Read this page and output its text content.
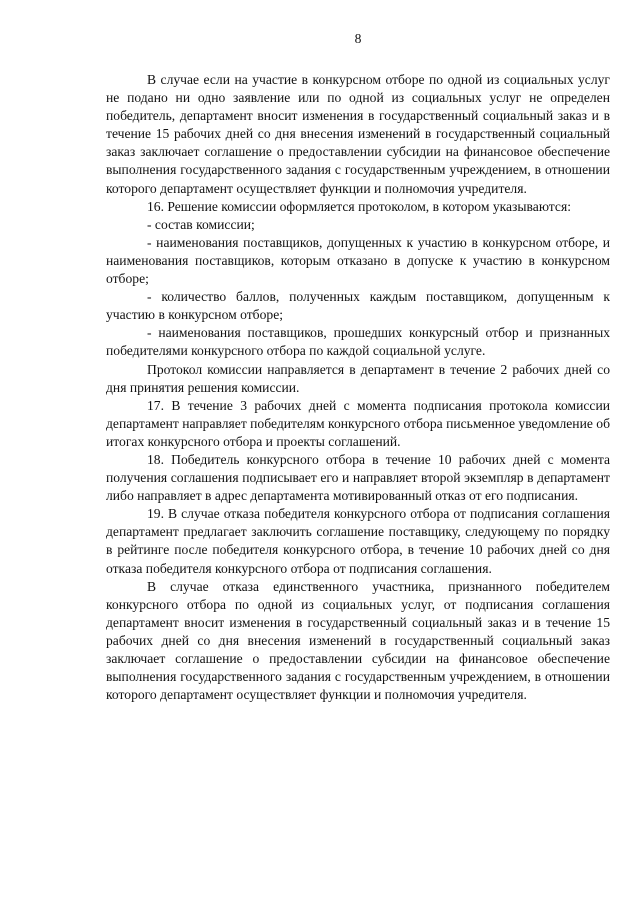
8

В случае если на участие в конкурсном отборе по одной из социальных услуг не подано ни одно заявление или по одной из социальных услуг не определен победитель, департамент вносит изменения в государственный социальный заказ и в течение 15 рабочих дней со дня внесения изменений в государственный социальный заказ заключает соглашение о предоставлении субсидии на финансовое обеспечение выполнения государственного задания с государственным учреждением, в отношении которого департамент осуществляет функции и полномочия учредителя.

16. Решение комиссии оформляется протоколом, в котором указываются:

- состав комиссии;

- наименования поставщиков, допущенных к участию в конкурсном отборе, и наименования поставщиков, которым отказано в допуске к участию в конкурсном отборе;

- количество баллов, полученных каждым поставщиком, допущенным к участию в конкурсном отборе;

- наименования поставщиков, прошедших конкурсный отбор и признанных победителями конкурсного отбора по каждой социальной услуге.

Протокол комиссии направляется в департамент в течение 2 рабочих дней со дня принятия решения комиссии.

17. В течение 3 рабочих дней с момента подписания протокола комиссии департамент направляет победителям конкурсного отбора письменное уведомление об итогах конкурсного отбора и проекты соглашений.

18. Победитель конкурсного отбора в течение 10 рабочих дней с момента получения соглашения подписывает его и направляет второй экземпляр в департамент либо направляет в адрес департамента мотивированный отказ от его подписания.

19. В случае отказа победителя конкурсного отбора от подписания соглашения департамент предлагает заключить соглашение поставщику, следующему по порядку в рейтинге после победителя конкурсного отбора, в течение 10 рабочих дней со дня отказа победителя конкурсного отбора от подписания соглашения.

В случае отказа единственного участника, признанного победителем конкурсного отбора по одной из социальных услуг, от подписания соглашения департамент вносит изменения в государственный социальный заказ и в течение 15 рабочих дней со дня внесения изменений в государственный социальный заказ заключает соглашение о предоставлении субсидии на финансовое обеспечение выполнения государственного задания с государственным учреждением, в отношении которого департамент осуществляет функции и полномочия учредителя.
